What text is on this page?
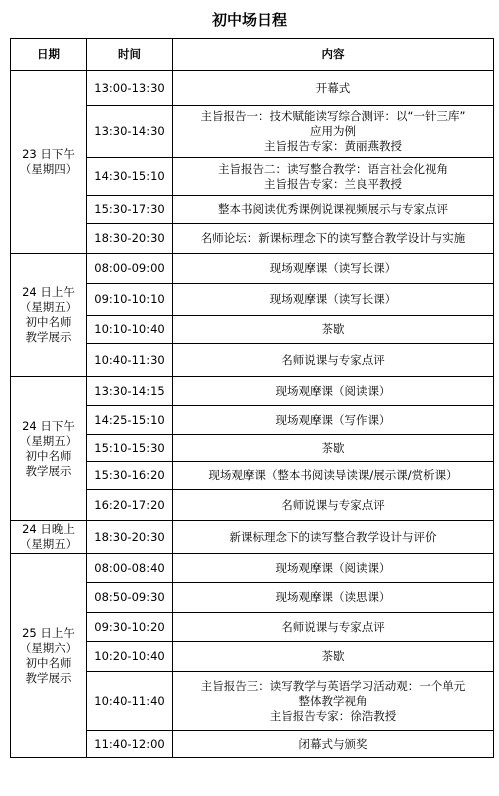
初中场日程
日期	时间	内容

23 日下午
（星期四）	13:00-13:30	开幕式

	13:30-14:30	主旨报告一：技术赋能读写综合测评：以“一针三库”
应用为例
主旨报告专家：黄丽燕教授

	14:30-15:10	主旨报告二：读写整合教学：语言社会化视角
主旨报告专家：兰良平教授

	15:30-17:30	整本书阅读优秀课例说课视频展示与专家点评

	18:30-20:30	名师论坛：新课标理念下的读写整合教学设计与实施

24 日上午
（星期五）
初中名师
教学展示	08:00-09:00	现场观摩课（读写长课）

	09:10-10:10	现场观摩课（读写长课）

	10:10-10:40	茶歇

	10:40-11:30	名师说课与专家点评

24 日下午
（星期五）
初中名师
教学展示	13:30-14:15	现场观摩课（阅读课）

	14:25-15:10	现场观摩课（写作课）

	15:10-15:30	茶歇

	15:30-16:20	现场观摩课（整本书阅读导读课/展示课/赏析课）

	16:20-17:20	名师说课与专家点评

24 日晚上
（星期五）	18:30-20:30	新课标理念下的读写整合教学设计与评价

25 日上午
（星期六）
初中名师
教学展示	08:00-08:40	现场观摩课（阅读课）

	08:50-09:30	现场观摩课（读思课）

	09:30-10:20	名师说课与专家点评

	10:20-10:40	茶歇

	10:40-11:40	主旨报告三：读写教学与英语学习活动观：一个单元
整体教学视角
主旨报告专家：徐浩教授

	11:40-12:00	闭幕式与颁奖
